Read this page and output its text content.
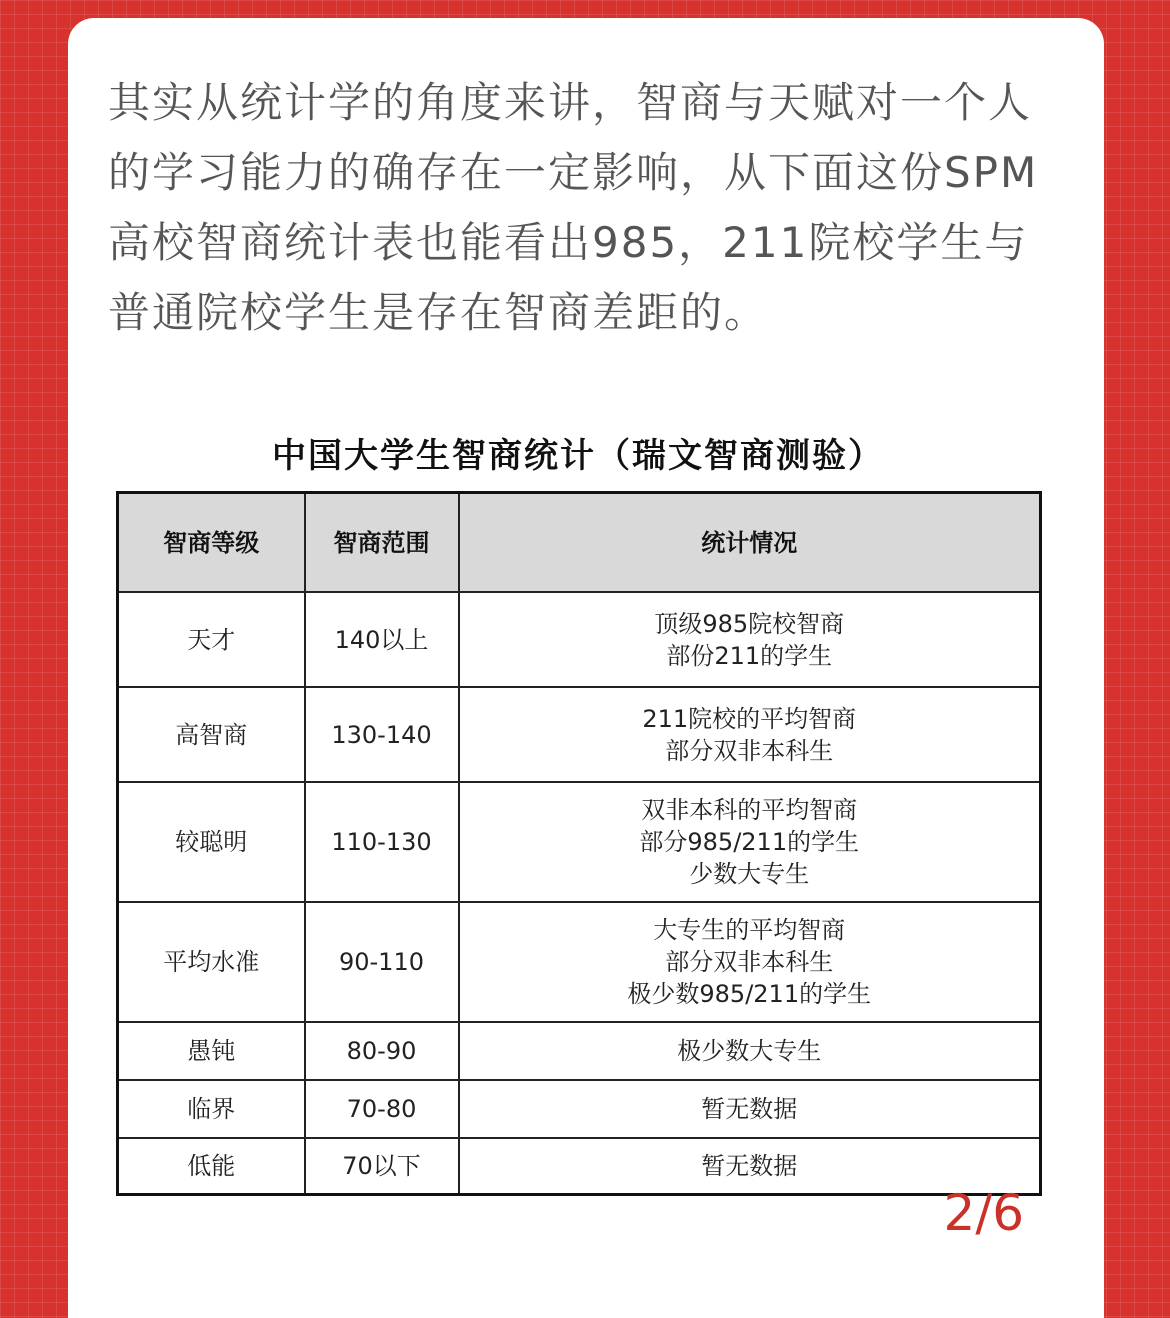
其实从统计学的角度来讲，智商与天赋对一个人的学习能力的确存在一定影响，从下面这份SPM高校智商统计表也能看出985，211院校学生与普通院校学生是存在智商差距的。

中国大学生智商统计（瑞文智商测验）
智商等级	智商范围	统计情况
天才	140以上	顶级985院校智商
部份211的学生
高智商	130-140	211院校的平均智商
部分双非本科生
较聪明	110-130	双非本科的平均智商
部分985/211的学生
少数大专生
平均水准	90-110	大专生的平均智商
部分双非本科生
极少数985/211的学生
愚钝	80-90	极少数大专生
临界	70-80	暂无数据
低能	70以下	暂无数据
2/6
